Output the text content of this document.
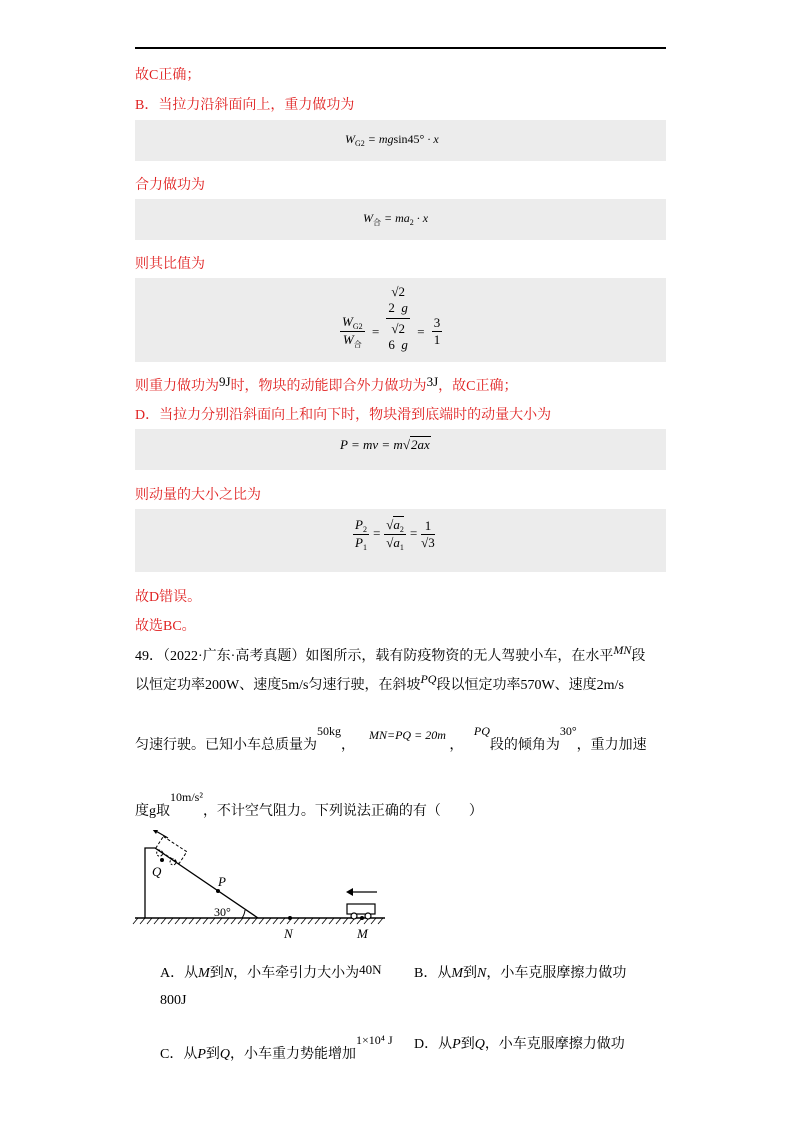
故C正确；
B．当拉力沿斜面向上，重力做功为
$W_{G2} = mgsin45^\circ \cdot x$
合力做功为
$W_合 = ma_2 \cdot x$
则其比值为
$\frac{W_{G2}}{W_合}$ =
√2
2  g
√2
6  g
= $\frac{3}{1}$
则重力做功为9J时，物块的动能即合外力做功为3J，故C正确；
D．当拉力分别沿斜面向上和向下时，物块滑到底端时的动量大小为
P = mv = m√2ax
则动量的大小之比为
$\frac{P_2}{P_1} = \frac{√a_2}{√a_1} = \frac{1}{√3}$
故D错误。
故选BC。
49．（2022·广东·高考真题）如图所示，载有防疫物资的无人驾驶小车，在水平MN段
以恒定功率200W、速度5m/s匀速行驶，在斜坡PQ段以恒定功率570W、速度2m/s
匀速行驶。已知小车总质量为50kg，    MN=PQ = 20m ，   PQ段的倾角为30°，重力加速
度g取10m/s²，不计空气阻力。下列说法正确的有（　　）
Q
P
30°
N	M
A．从M到N，小车牵引力大小为40N B．从M到N，小车克服摩擦力做功
800J
C．从P到Q，小车重力势能增加1×10⁴ J D．从P到Q，小车克服摩擦力做功
